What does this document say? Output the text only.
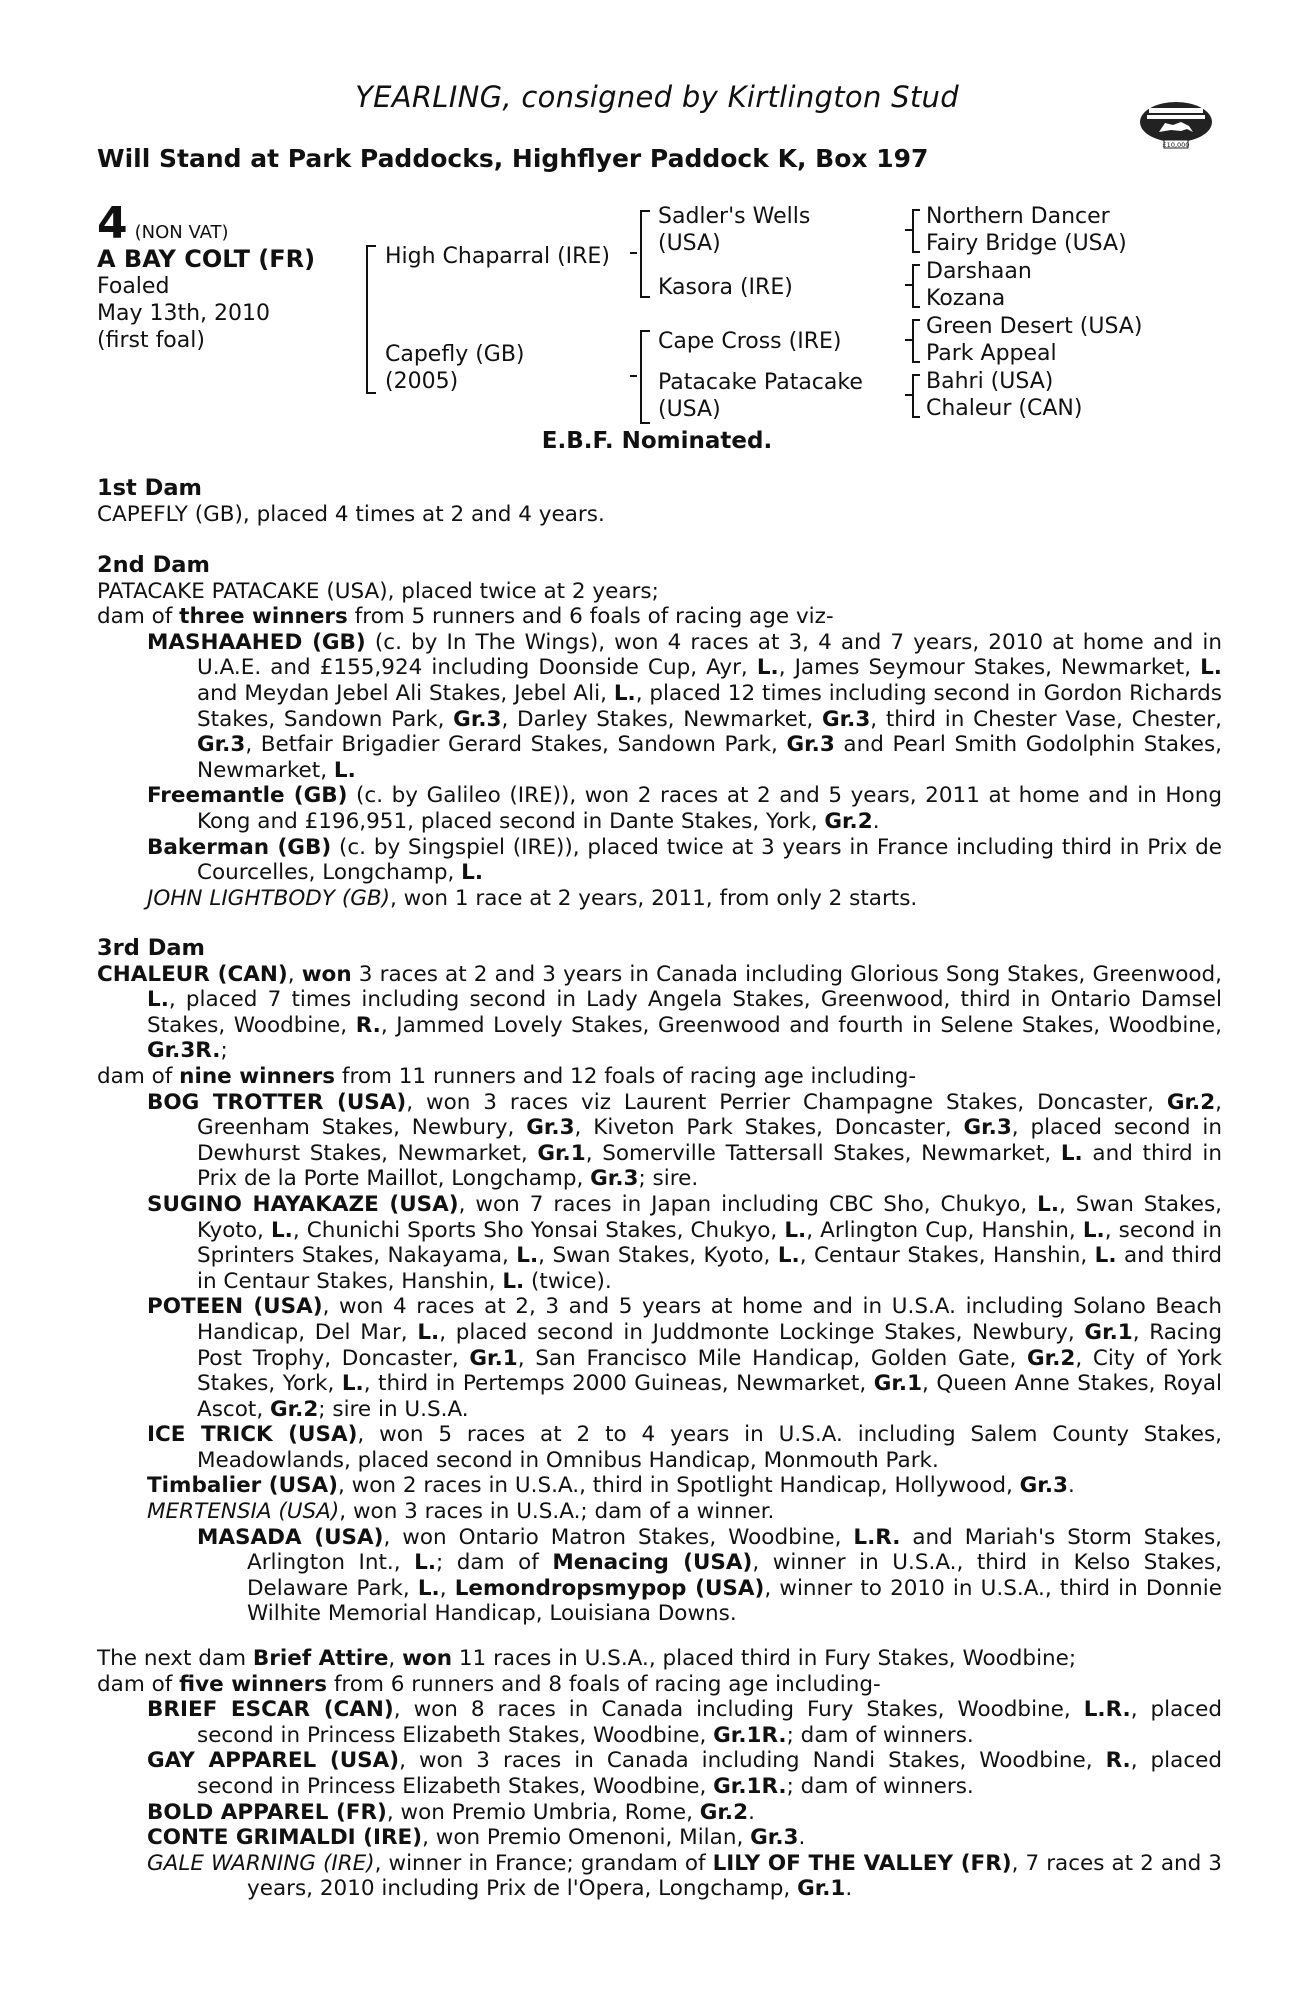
YEARLING, consigned by Kirtlington Stud
Will Stand at Park Paddocks, Highflyer Paddock K, Box 197	£10,000
4 (NON VAT)
A BAY COLT (FR)
Foaled
May 13th, 2010
(first foal)
High Chaparral (IRE)
Capefly (GB)
(2005)
Sadler's Wells
(USA)
Kasora (IRE)
Cape Cross (IRE)
Patacake Patacake
(USA)
Northern Dancer
Fairy Bridge (USA)
Darshaan
Kozana
Green Desert (USA)
Park Appeal
Bahri (USA)
Chaleur (CAN)
E.B.F. Nominated.
1st Dam
CAPEFLY (GB), placed 4 times at 2 and 4 years.
2nd Dam
PATACAKE PATACAKE (USA), placed twice at 2 years;
dam of three winners from 5 runners and 6 foals of racing age viz-
MASHAAHED (GB) (c. by In The Wings), won 4 races at 3, 4 and 7 years, 2010 at home and in U.A.E. and £155,924 including Doonside Cup, Ayr, L., James Seymour Stakes, Newmarket, L. and Meydan Jebel Ali Stakes, Jebel Ali, L., placed 12 times including second in Gordon Richards Stakes, Sandown Park, Gr.3, Darley Stakes, Newmarket, Gr.3, third in Chester Vase, Chester, Gr.3, Betfair Brigadier Gerard Stakes, Sandown Park, Gr.3 and Pearl Smith Godolphin Stakes, Newmarket, L.
Freemantle (GB) (c. by Galileo (IRE)), won 2 races at 2 and 5 years, 2011 at home and in Hong Kong and £196,951, placed second in Dante Stakes, York, Gr.2.
Bakerman (GB) (c. by Singspiel (IRE)), placed twice at 3 years in France including third in Prix de Courcelles, Longchamp, L.
JOHN LIGHTBODY (GB), won 1 race at 2 years, 2011, from only 2 starts.
3rd Dam
CHALEUR (CAN), won 3 races at 2 and 3 years in Canada including Glorious Song Stakes, Greenwood, L., placed 7 times including second in Lady Angela Stakes, Greenwood, third in Ontario Damsel Stakes, Woodbine, R., Jammed Lovely Stakes, Greenwood and fourth in Selene Stakes, Woodbine, Gr.3R.;
dam of nine winners from 11 runners and 12 foals of racing age including-
BOG TROTTER (USA), won 3 races viz Laurent Perrier Champagne Stakes, Doncaster, Gr.2, Greenham Stakes, Newbury, Gr.3, Kiveton Park Stakes, Doncaster, Gr.3, placed second in Dewhurst Stakes, Newmarket, Gr.1, Somerville Tattersall Stakes, Newmarket, L. and third in Prix de la Porte Maillot, Longchamp, Gr.3; sire.
SUGINO HAYAKAZE (USA), won 7 races in Japan including CBC Sho, Chukyo, L., Swan Stakes, Kyoto, L., Chunichi Sports Sho Yonsai Stakes, Chukyo, L., Arlington Cup, Hanshin, L., second in Sprinters Stakes, Nakayama, L., Swan Stakes, Kyoto, L., Centaur Stakes, Hanshin, L. and third in Centaur Stakes, Hanshin, L. (twice).
POTEEN (USA), won 4 races at 2, 3 and 5 years at home and in U.S.A. including Solano Beach Handicap, Del Mar, L., placed second in Juddmonte Lockinge Stakes, Newbury, Gr.1, Racing Post Trophy, Doncaster, Gr.1, San Francisco Mile Handicap, Golden Gate, Gr.2, City of York Stakes, York, L., third in Pertemps 2000 Guineas, Newmarket, Gr.1, Queen Anne Stakes, Royal Ascot, Gr.2; sire in U.S.A.
ICE TRICK (USA), won 5 races at 2 to 4 years in U.S.A. including Salem County Stakes, Meadowlands, placed second in Omnibus Handicap, Monmouth Park.
Timbalier (USA), won 2 races in U.S.A., third in Spotlight Handicap, Hollywood, Gr.3.
MERTENSIA (USA), won 3 races in U.S.A.; dam of a winner.
MASADA (USA), won Ontario Matron Stakes, Woodbine, L.R. and Mariah's Storm Stakes, Arlington Int., L.; dam of Menacing (USA), winner in U.S.A., third in Kelso Stakes, Delaware Park, L., Lemondropsmypop (USA), winner to 2010 in U.S.A., third in Donnie Wilhite Memorial Handicap, Louisiana Downs.
The next dam Brief Attire, won 11 races in U.S.A., placed third in Fury Stakes, Woodbine;
dam of five winners from 6 runners and 8 foals of racing age including-
BRIEF ESCAR (CAN), won 8 races in Canada including Fury Stakes, Woodbine, L.R., placed second in Princess Elizabeth Stakes, Woodbine, Gr.1R.; dam of winners.
GAY APPAREL (USA), won 3 races in Canada including Nandi Stakes, Woodbine, R., placed second in Princess Elizabeth Stakes, Woodbine, Gr.1R.; dam of winners.
BOLD APPAREL (FR), won Premio Umbria, Rome, Gr.2.
CONTE GRIMALDI (IRE), won Premio Omenoni, Milan, Gr.3.
GALE WARNING (IRE), winner in France; grandam of LILY OF THE VALLEY (FR), 7 races at 2 and 3 years, 2010 including Prix de l'Opera, Longchamp, Gr.1.
